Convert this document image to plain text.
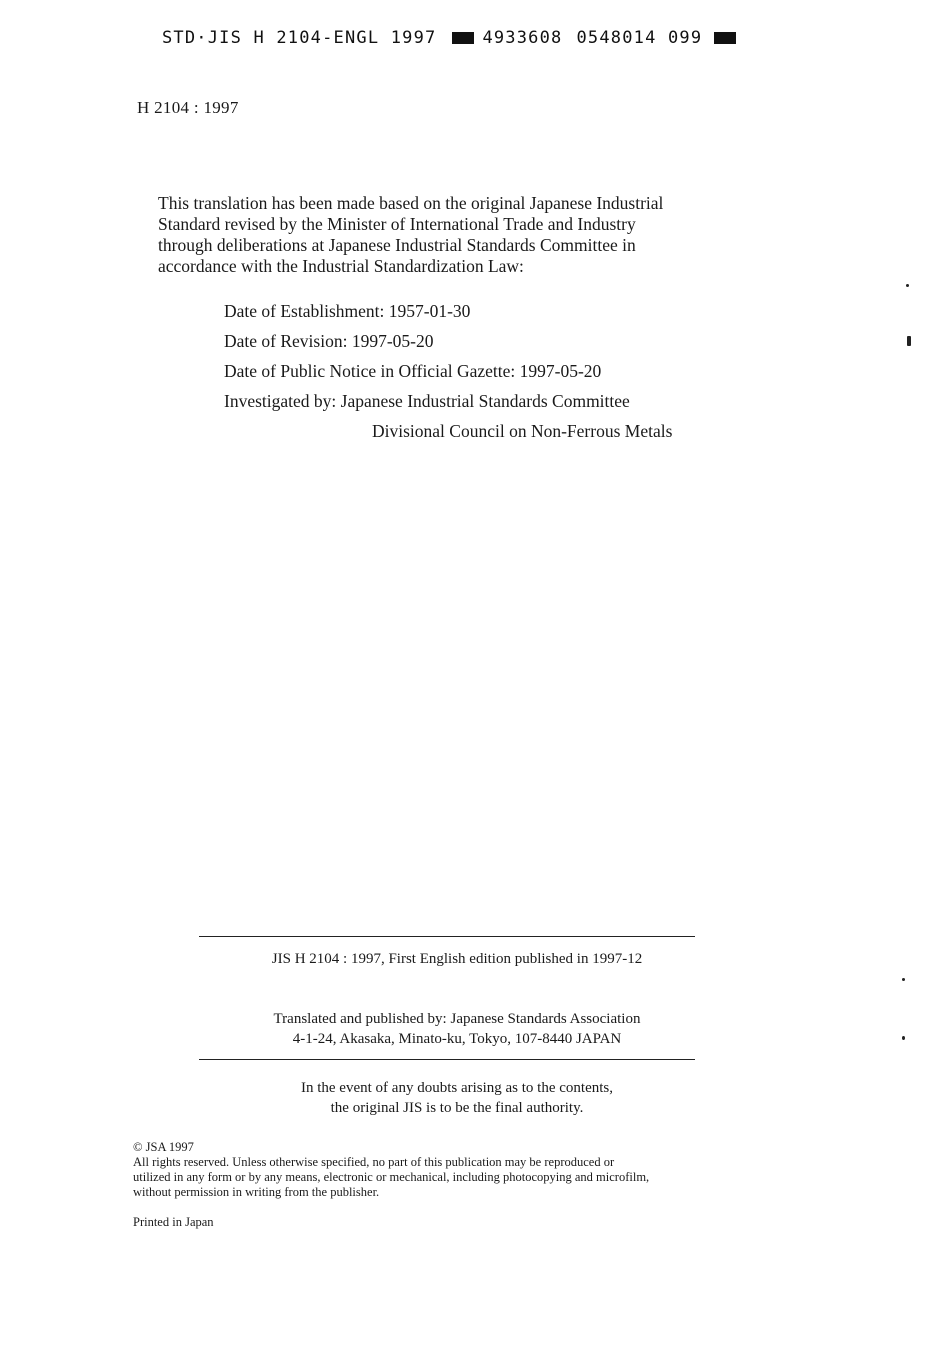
STD·JIS H 2104-ENGL 1997	4933608 0548014 099
H 2104 : 1997
This translation has been made based on the original Japanese Industrial
Standard revised by the Minister of International Trade and Industry
through deliberations at Japanese Industrial Standards Committee in
accordance with the Industrial Standardization Law:
Date of Establishment: 1957-01-30
Date of Revision: 1997-05-20
Date of Public Notice in Official Gazette: 1997-05-20
Investigated by: Japanese Industrial Standards Committee
Divisional Council on Non-Ferrous Metals
JIS H 2104 : 1997, First English edition published in 1997-12
Translated and published by: Japanese Standards Association
4-1-24, Akasaka, Minato-ku, Tokyo, 107-8440 JAPAN
In the event of any doubts arising as to the contents,
the original JIS is to be the final authority.
© JSA 1997
All rights reserved. Unless otherwise specified, no part of this publication may be reproduced or
utilized in any form or by any means, electronic or mechanical, including photocopying and microfilm,
without permission in writing from the publisher.
Printed in Japan
